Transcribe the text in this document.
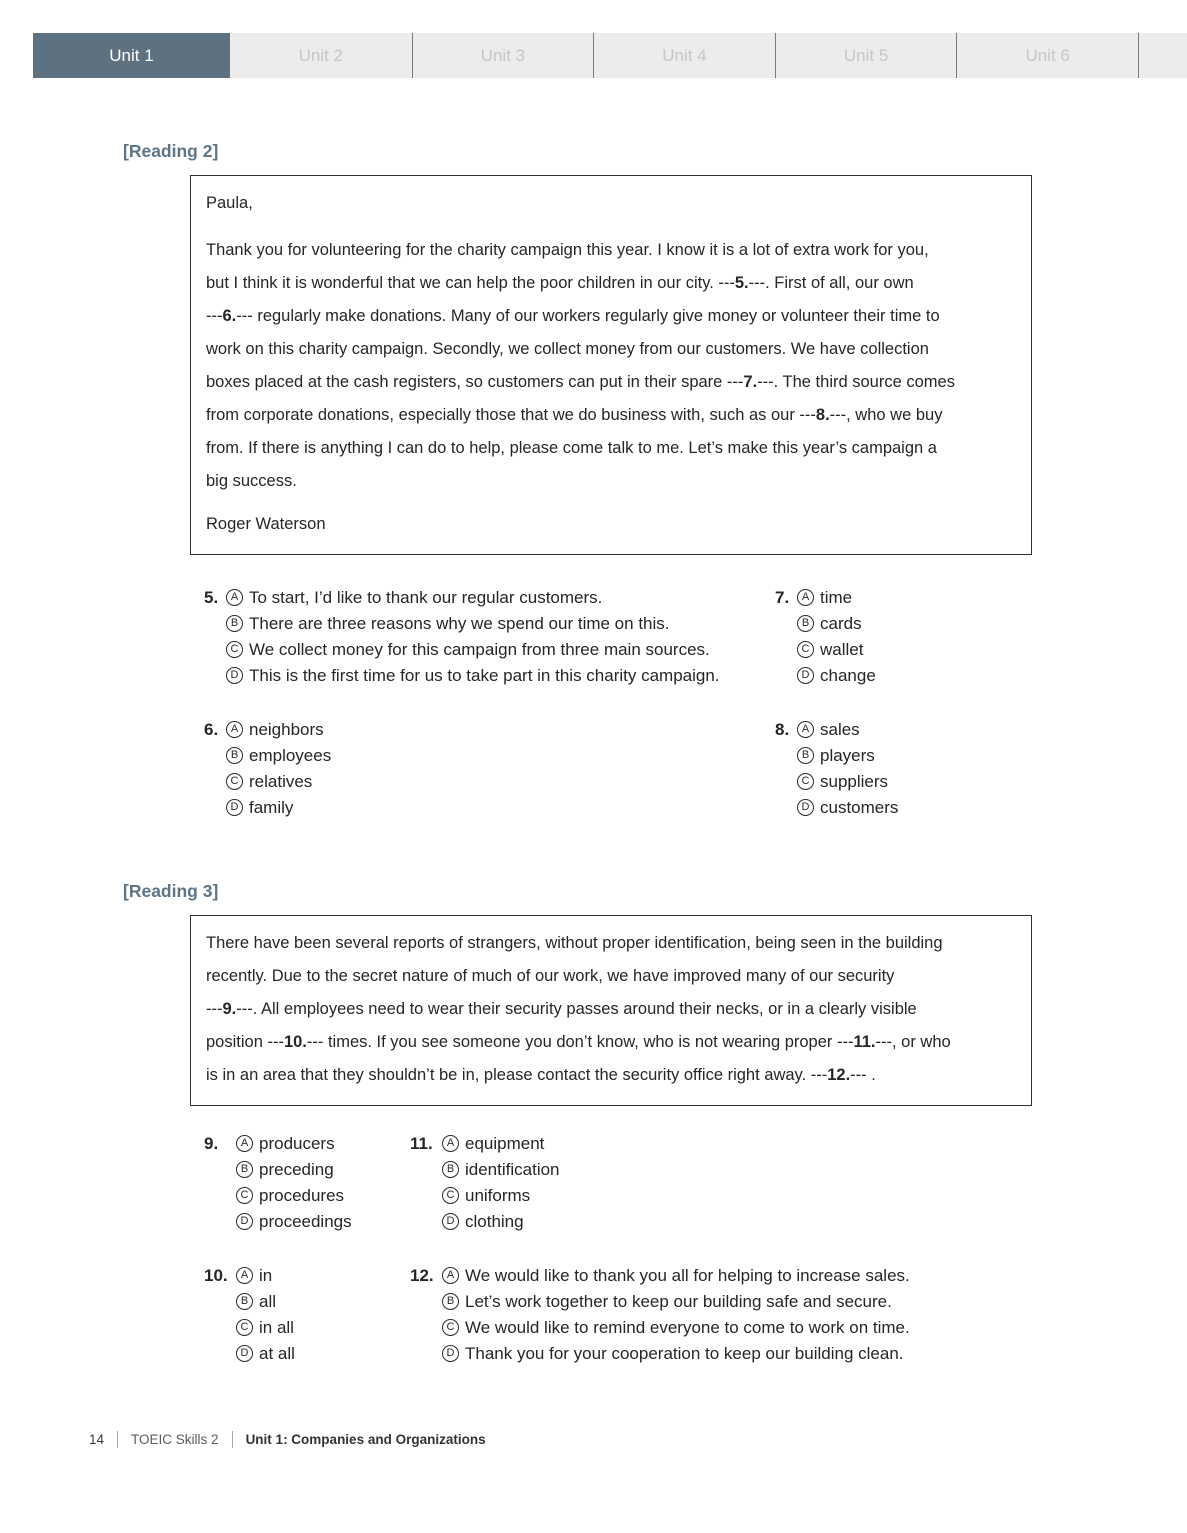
Unit 1	Unit 2	Unit 3	Unit 4	Unit 5	Unit 6
[Reading 2]
Paula,
Thank you for volunteering for the charity campaign this year. I know it is a lot of extra work for you,
but I think it is wonderful that we can help the poor children in our city. ---5.---. First of all, our own
---6.--- regularly make donations. Many of our workers regularly give money or volunteer their time to
work on this charity campaign. Secondly, we collect money from our customers. We have collection
boxes placed at the cash registers, so customers can put in their spare ---7.---. The third source comes
from corporate donations, especially those that we do business with, such as our ---8.---, who we buy
from. If there is anything I can do to help, please come talk to me. Let’s make this year’s campaign a
big success.
Roger Waterson
5.	A To start, I’d like to thank our regular customers.
B There are three reasons why we spend our time on this.
C We collect money for this campaign from three main sources.
D This is the first time for us to take part in this charity campaign.
6.	A neighbors
B employees
C relatives
D family
7.	A time
B cards
C wallet
D change
8.	A sales
B players
C suppliers
D customers
[Reading 3]
There have been several reports of strangers, without proper identification, being seen in the building
recently. Due to the secret nature of much of our work, we have improved many of our security
---9.---. All employees need to wear their security passes around their necks, or in a clearly visible
position ---10.--- times. If you see someone you don’t know, who is not wearing proper ---11.---, or who
is in an area that they shouldn’t be in, please contact the security office right away. ---12.--- .
9.	A producers
B preceding
C procedures
D proceedings
10.	A in
B all
C in all
D at all
11.	A equipment
B identification
C uniforms
D clothing
12.	A We would like to thank you all for helping to increase sales.
B Let’s work together to keep our building safe and secure.
C We would like to remind everyone to come to work on time.
D Thank you for your cooperation to keep our building clean.
14 TOEIC Skills 2 Unit 1: Companies and Organizations
